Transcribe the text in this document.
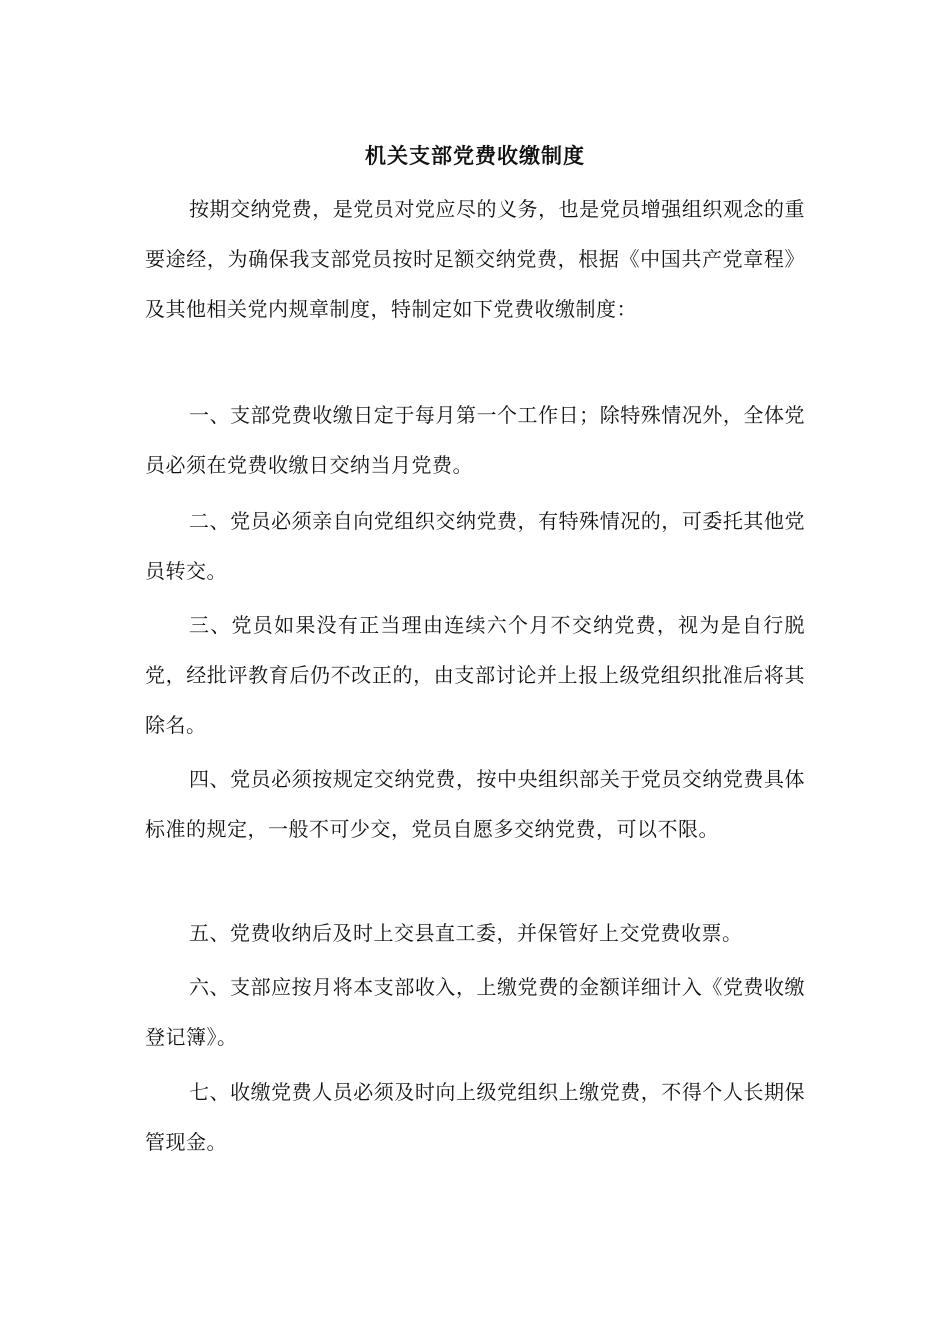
机关支部党费收缴制度

按期交纳党费，是党员对党应尽的义务，也是党员增强组织观念的重要途经，为确保我支部党员按时足额交纳党费，根据《中国共产党章程》及其他相关党内规章制度，特制定如下党费收缴制度：

一、支部党费收缴日定于每月第一个工作日；除特殊情况外，全体党员必须在党费收缴日交纳当月党费。

二、党员必须亲自向党组织交纳党费，有特殊情况的，可委托其他党员转交。

三、党员如果没有正当理由连续六个月不交纳党费，视为是自行脱党，经批评教育后仍不改正的，由支部讨论并上报上级党组织批准后将其除名。

四、党员必须按规定交纳党费，按中央组织部关于党员交纳党费具体标准的规定，一般不可少交，党员自愿多交纳党费，可以不限。

五、党费收纳后及时上交县直工委，并保管好上交党费收票。

六、支部应按月将本支部收入，上缴党费的金额详细计入《党费收缴登记簿》。

七、收缴党费人员必须及时向上级党组织上缴党费，不得个人长期保管现金。
